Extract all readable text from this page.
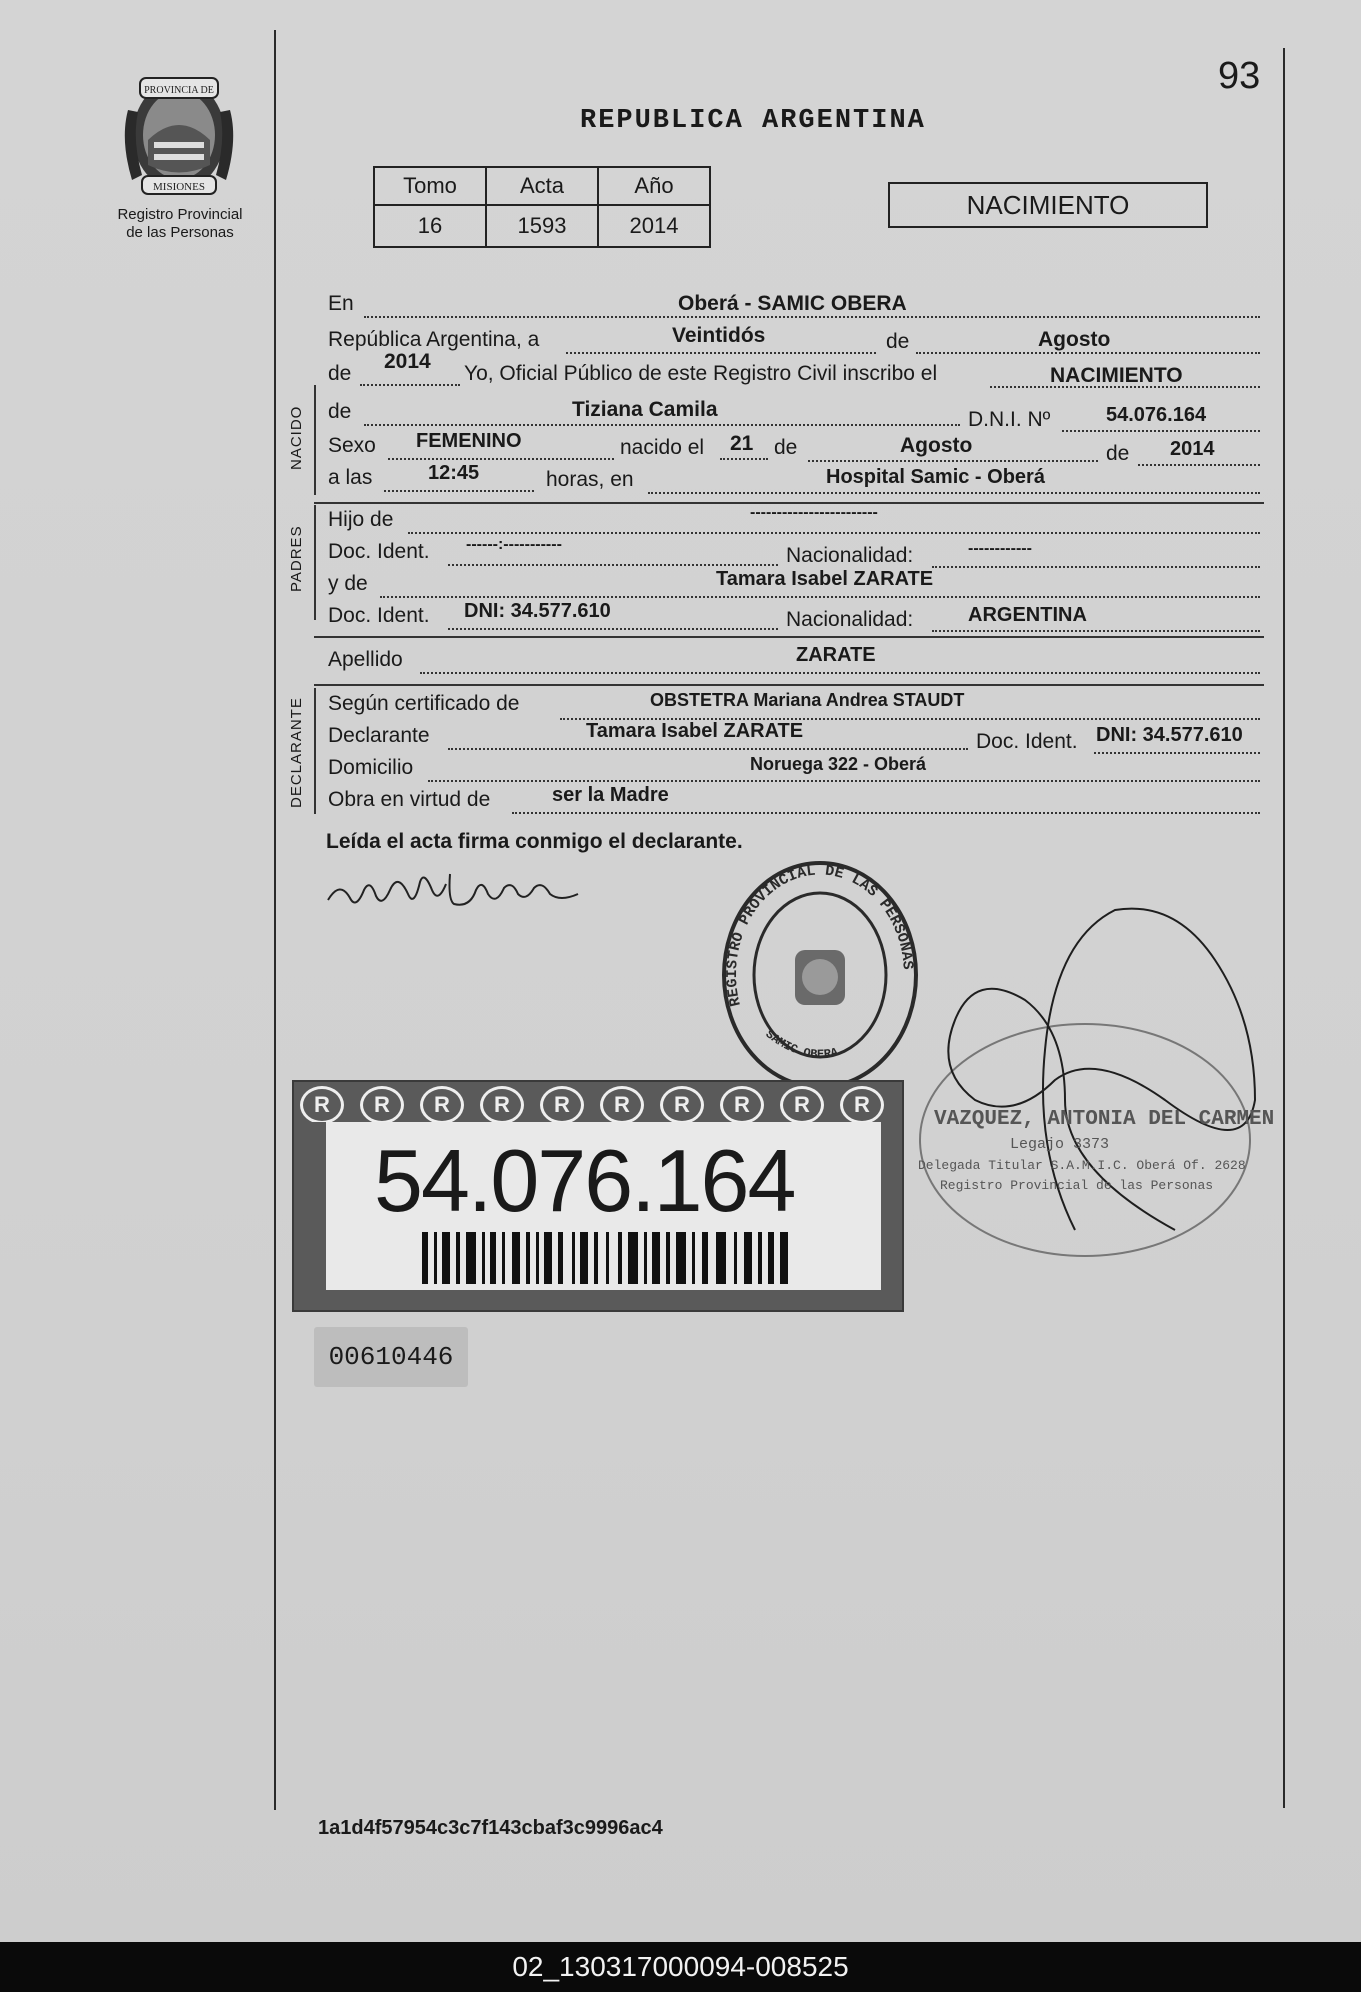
93
REPUBLICA ARGENTINA
PROVINCIA DE
MISIONES
Registro Provincial
de las Personas
Tomo	Acta	Año
16	1593	2014
NACIMIENTO
En	Oberá - SAMIC OBERA
República Argentina, a	Veintidós	de	Agosto
de
2014
Yo, Oficial Público de este Registro Civil inscribo el	NACIMIENTO
NACIDO de	Tiziana Camila	D.N.I. Nº	54.076.164
Sexo FEMENINO	nacido el 21 de	Agosto	de 2014
a las	12:45	horas, en	Hospital Samic - Oberá
PADRES
Hijo de	------------------------
Doc. Ident. ------:-----------	Nacionalidad:	------------
y de	Tamara Isabel ZARATE
Doc. Ident. DNI: 34.577.610	Nacionalidad:	ARGENTINA
Apellido	ZARATE
DECLARANTE Según certificado de	OBSTETRA Mariana Andrea STAUDT
Declarante	Tamara Isabel ZARATE	Doc. Ident. DNI: 34.577.610
Domicilio	Noruega 322 - Oberá
Obra en virtud de	ser la Madre
Leída el acta firma conmigo el declarante.
REGISTRO PROVINCIAL DE LAS PERSONAS
SAMIC OBERA
VAZQUEZ, ANTONIA DEL CARMEN
Legajo 3373
Delegada Titular S.A.M.I.C. Oberá Of. 2628
Registro Provincial de las Personas
R	R	R	R	R	R	R	R	R	R
54.076.164
00610446
1a1d4f57954c3c7f143cbaf3c9996ac4
02_130317000094-008525
